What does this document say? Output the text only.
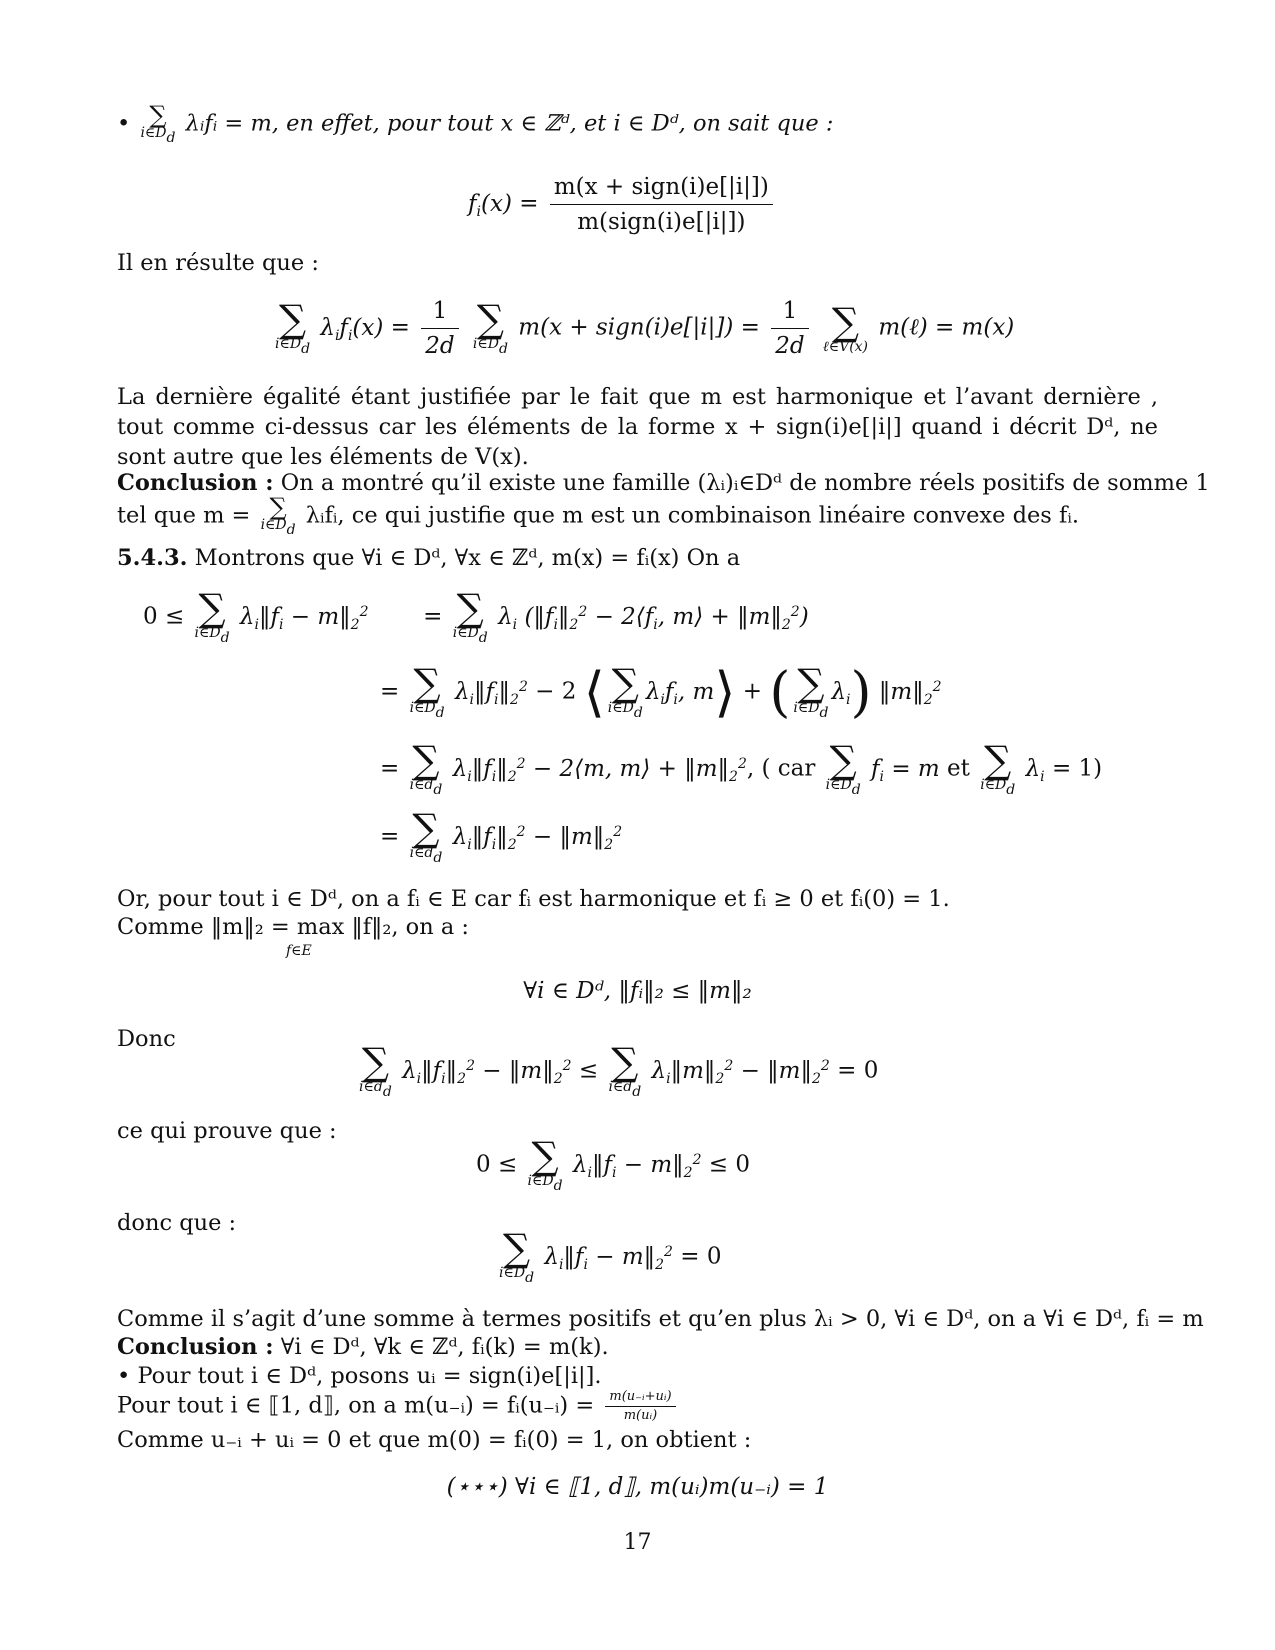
• ∑
i∈Dd
λᵢfᵢ = m, en effet, pour tout x ∈ ℤᵈ, et i ∈ Dᵈ, on sait que :
$f_i(x) = \frac{\text{m(x + sign(i)e[|i|])}}{\text{m(sign(i)e[|i|])}}$
Il en résulte que :
∑
i∈Dd
$\lambda_if_i(x) = \frac{1}{2d}$
∑
i∈Dd
m(x + sign(i)e[|i|]) = $\frac{1}{2d}$
∑
ℓ∈V(x)
m(ℓ) = m(x)
La dernière égalité étant justifiée par le fait que m est harmonique et l’avant dernière , tout comme ci-dessus car les éléments de la forme x + sign(i)e[|i|] quand i décrit Dᵈ, ne sont autre que les éléments de V(x).
Conclusion : On a montré qu’il existe une famille (λᵢ)ᵢ∈Dᵈ de nombre réels positifs de somme 1
tel que m = ∑
i∈Dd
λᵢfᵢ, ce qui justifie que m est un combinaison linéaire convexe des fᵢ.
5.4.3. Montrons que ∀i ∈ Dᵈ, ∀x ∈ ℤᵈ, m(x) = fᵢ(x) On a
0 ≤ ∑
i∈Dd
$\lambda_i‖f_i$ − $m‖_2^2$  = ∑
i∈Dd
$\lambda_i$ ($‖f_i‖_2^2$ − $2⟨f_i$, m⟩ + $‖m‖_2^2$)
= ∑
i∈Dd
$\lambda_i‖f_i‖_2^2 - 2$ ⟨ ∑
i∈Dd
$\lambda_if_i$, m⟩ + ( ∑
i∈Dd
$\lambda_i$) $‖m‖_2^2$
= ∑
i∈dd
$\lambda_i‖f_i‖_2^2$ − 2⟨m, m⟩ + $‖m‖_2^2$, ( car ∑
i∈Dd
$f_i = m$ et ∑
i∈Dd
$\lambda_i = 1$)
= ∑
i∈dd
$\lambda_i‖f_i‖_2^2$ − $‖m‖_2^2$
Or, pour tout i ∈ Dᵈ, on a fᵢ ∈ E car fᵢ est harmonique et fᵢ ≥ 0 et fᵢ(0) = 1.
Comme ‖m‖₂ = max ‖f‖₂, on a :
f∈E
∀i ∈ Dᵈ, ‖fᵢ‖₂ ≤ ‖m‖₂
Donc
∑
i∈dd
$\lambda_i‖f_i‖_2^2$ − $‖m‖_2^2$ ≤ ∑
i∈dd
$\lambda_i‖m‖_2^2$ − $‖m‖_2^2 = 0$
ce qui prouve que :
0 ≤ ∑
i∈Dd
$\lambda_i‖f_i$ − $m‖_2^2 \le 0$
donc que :
∑
i∈Dd
$\lambda_i‖f_i$ − $m‖_2^2 = 0$
Comme il s’agit d’une somme à termes positifs et qu’en plus λᵢ > 0, ∀i ∈ Dᵈ, on a ∀i ∈ Dᵈ, fᵢ = m
Conclusion : ∀i ∈ Dᵈ, ∀k ∈ ℤᵈ, fᵢ(k) = m(k).
• Pour tout i ∈ Dᵈ, posons uᵢ = sign(i)e[|i|].
Pour tout i ∈ ⟦1, d⟧, on a m(u₋ᵢ) = fᵢ(u₋ᵢ) = $\frac{\text{m(u₋ᵢ+uᵢ)}}{\text{m(uᵢ)}}$
Comme u₋ᵢ + uᵢ = 0 et que m(0) = fᵢ(0) = 1, on obtient :
(⋆⋆⋆) ∀i ∈ ⟦1, d⟧, m(uᵢ)m(u₋ᵢ) = 1
17
